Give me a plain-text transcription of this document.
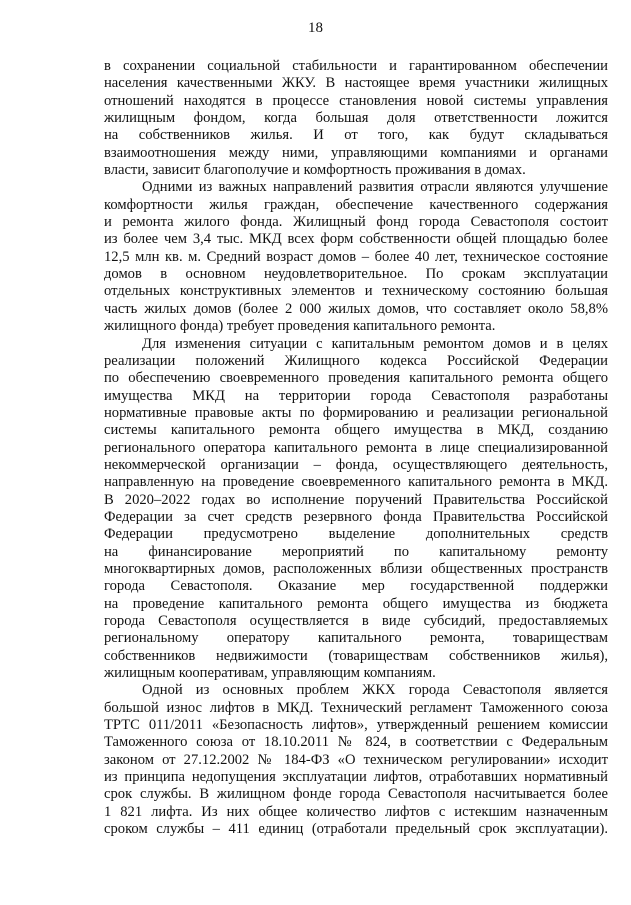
18
в сохранении социальной стабильности и гарантированном обеспечении
населения качественными ЖКУ. В настоящее время участники жилищных
отношений находятся в процессе становления новой системы управления
жилищным фондом, когда большая доля ответственности ложится
на собственников жилья. И от того, как будут складываться
взаимоотношения между ними, управляющими компаниями и органами
власти, зависит благополучие и комфортность проживания в домах.
Одними из важных направлений развития отрасли являются улучшение
комфортности жилья граждан, обеспечение качественного содержания
и ремонта жилого фонда. Жилищный фонд города Севастополя состоит
из более чем 3,4 тыс. МКД всех форм собственности общей площадью более
12,5 млн кв. м. Средний возраст домов – более 40 лет, техническое состояние
домов в основном неудовлетворительное. По срокам эксплуатации
отдельных конструктивных элементов и техническому состоянию большая
часть жилых домов (более 2 000 жилых домов, что составляет около 58,8%
жилищного фонда) требует проведения капитального ремонта.
Для изменения ситуации с капитальным ремонтом домов и в целях
реализации положений Жилищного кодекса Российской Федерации
по обеспечению своевременного проведения капитального ремонта общего
имущества МКД на территории города Севастополя разработаны
нормативные правовые акты по формированию и реализации региональной
системы капитального ремонта общего имущества в МКД, созданию
регионального оператора капитального ремонта в лице специализированной
некоммерческой организации – фонда, осуществляющего деятельность,
направленную на проведение своевременного капитального ремонта в МКД.
В 2020–2022 годах во исполнение поручений Правительства Российской
Федерации за счет средств резервного фонда Правительства Российской
Федерации предусмотрено выделение дополнительных средств
на финансирование мероприятий по капитальному ремонту
многоквартирных домов, расположенных вблизи общественных пространств
города Севастополя. Оказание мер государственной поддержки
на проведение капитального ремонта общего имущества из бюджета
города Севастополя осуществляется в виде субсидий, предоставляемых
региональному оператору капитального ремонта, товариществам
собственников недвижимости (товариществам собственников жилья),
жилищным кооперативам, управляющим компаниям.
Одной из основных проблем ЖКХ города Севастополя является
большой износ лифтов в МКД. Технический регламент Таможенного союза
ТРТС 011/2011 «Безопасность лифтов», утвержденный решением комиссии
Таможенного союза от 18.10.2011 № 824, в соответствии с Федеральным
законом от 27.12.2002 № 184-ФЗ «О техническом регулировании» исходит
из принципа недопущения эксплуатации лифтов, отработавших нормативный
срок службы. В жилищном фонде города Севастополя насчитывается более
1 821 лифта. Из них общее количество лифтов с истекшим назначенным
сроком службы – 411 единиц (отработали предельный срок эксплуатации).
